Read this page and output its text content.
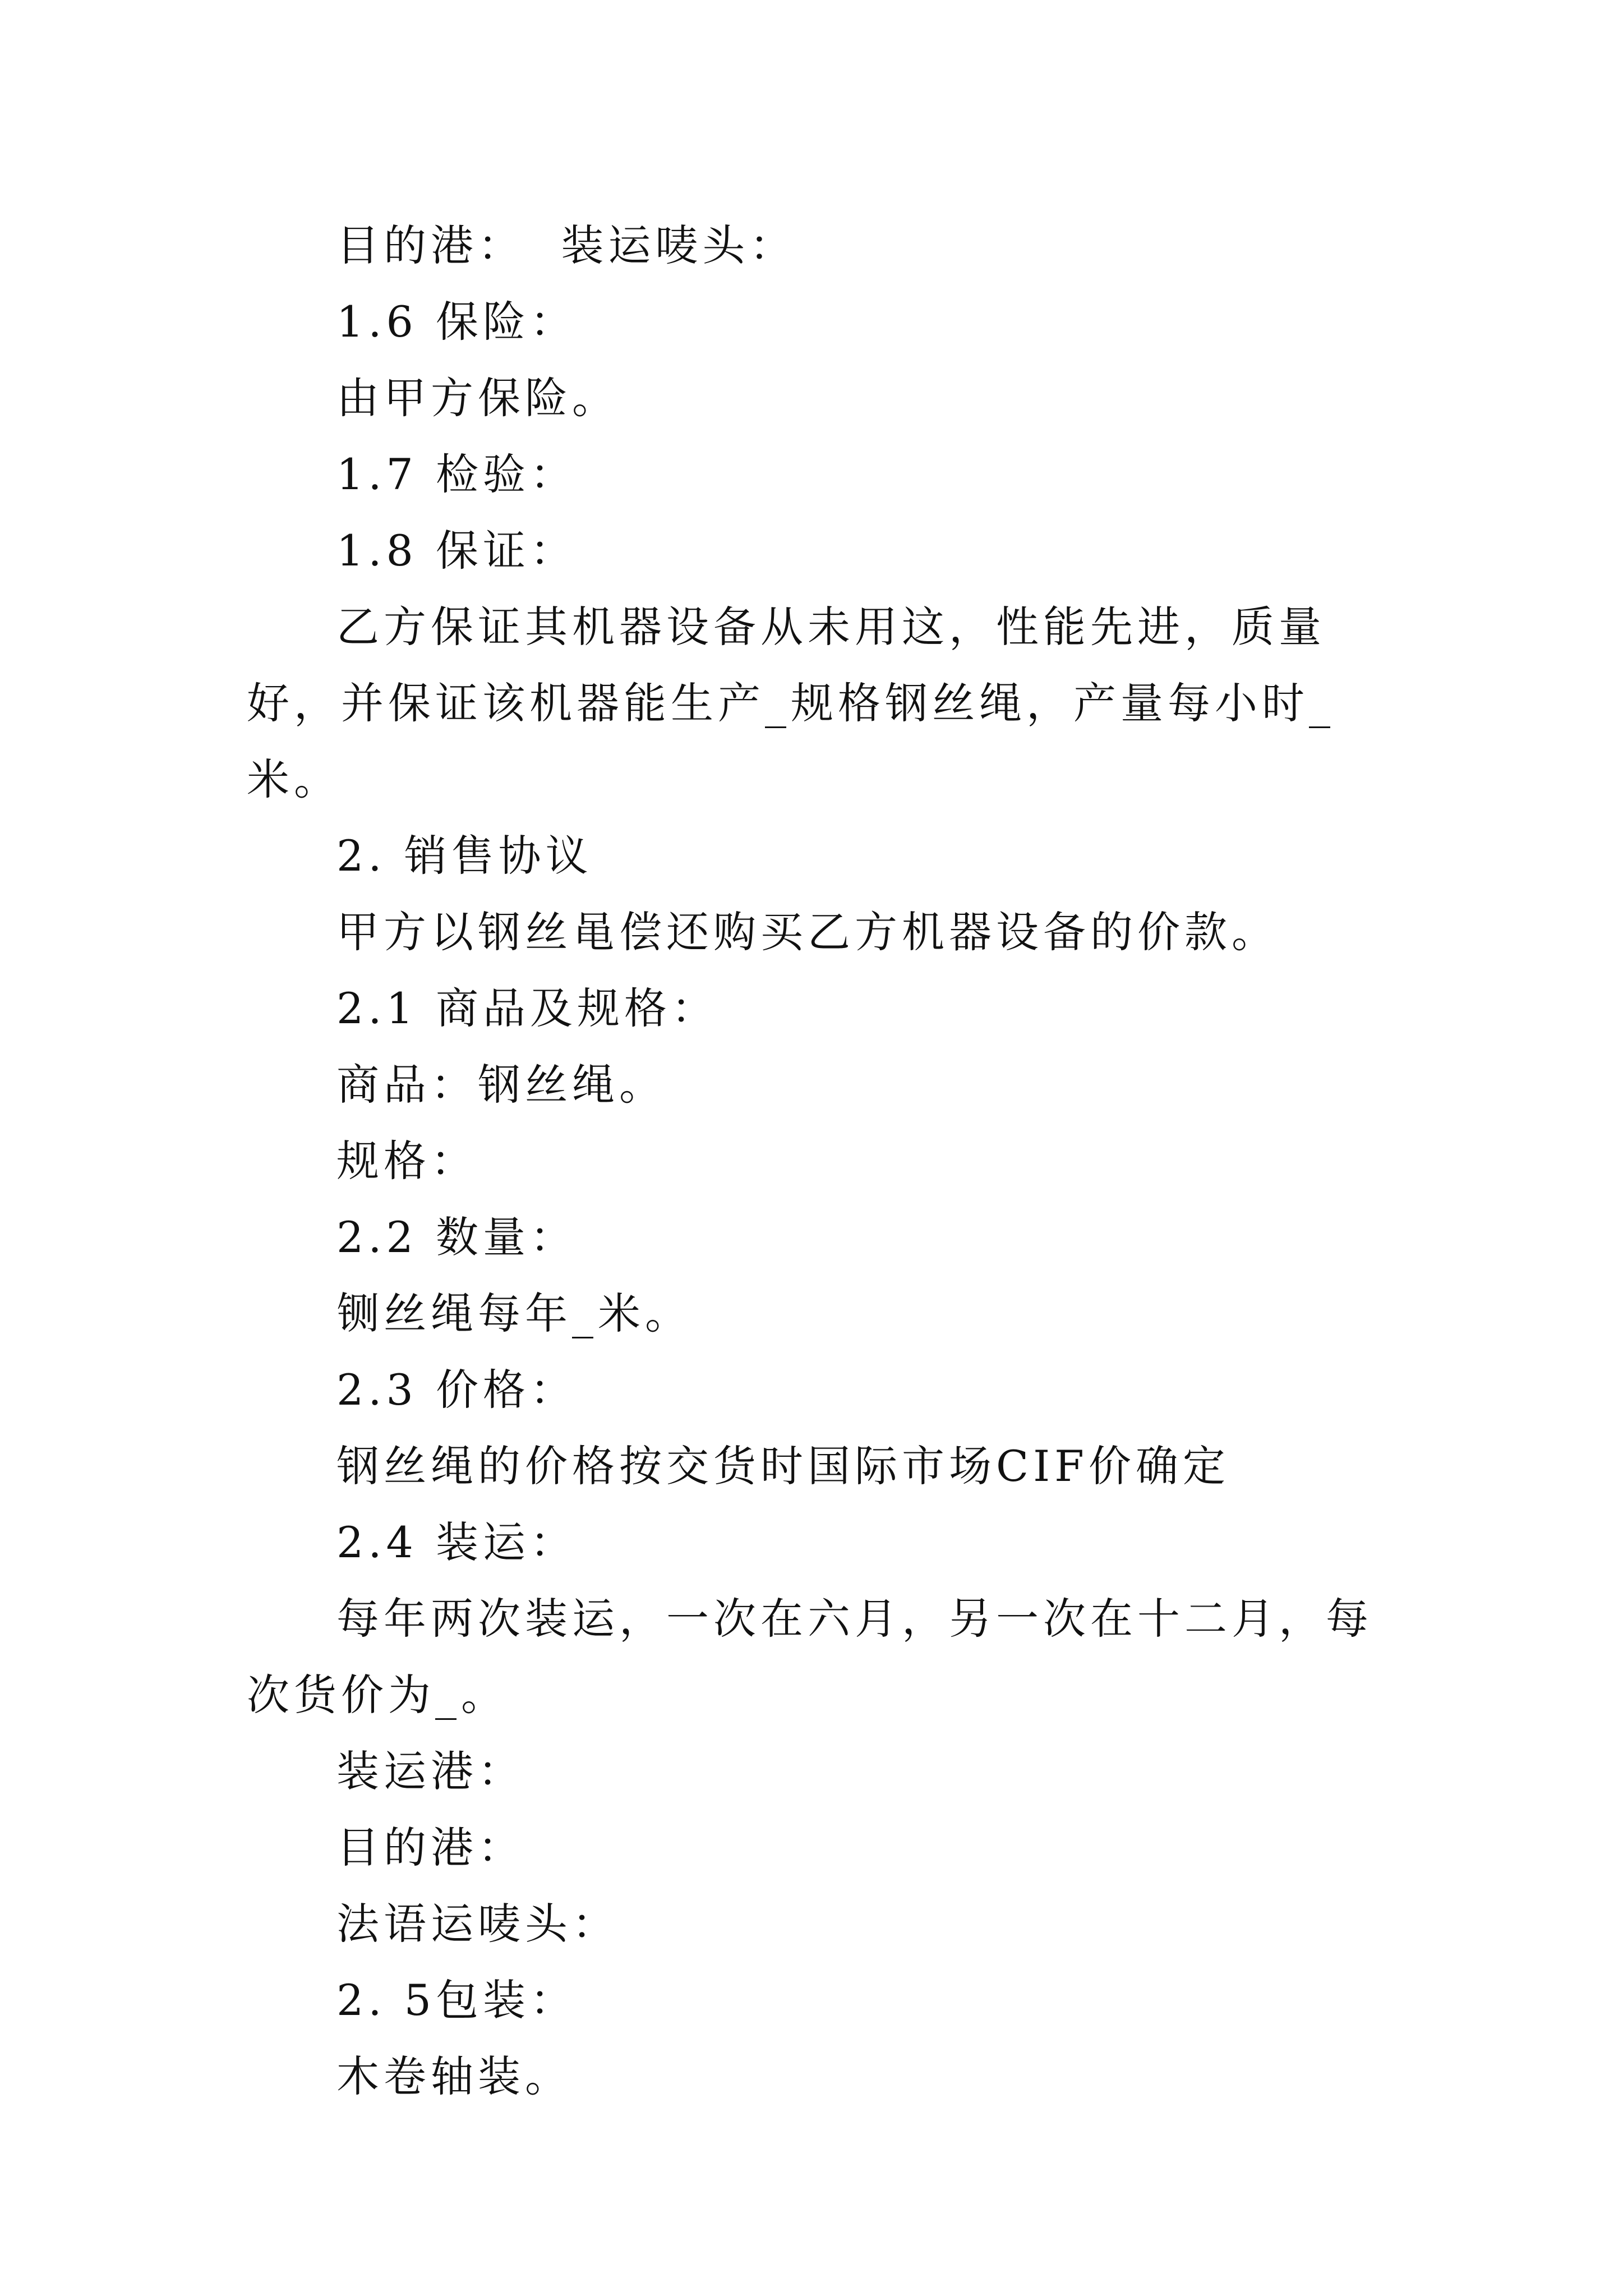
目的港：  装运唛头：

1.6 保险：

由甲方保险。

1.7 检验：

1.8 保证：

乙方保证其机器设备从未用这，性能先进，质量好，并保证该机器能生产_规格钢丝绳，产量每小时_米。

2. 销售协议

甲方以钢丝黾偿还购买乙方机器设备的价款。

2.1 商品及规格：

商品：钢丝绳。

规格：

2.2 数量：

铡丝绳每年_米。

2.3 价格：

钢丝绳的价格按交货时国际市场CIF价确定

2.4 装运：

每年两次装运，一次在六月，另一次在十二月，每次货价为_。

装运港：

目的港：

法语运唛头：

2. 5包装：

木卷轴装。
